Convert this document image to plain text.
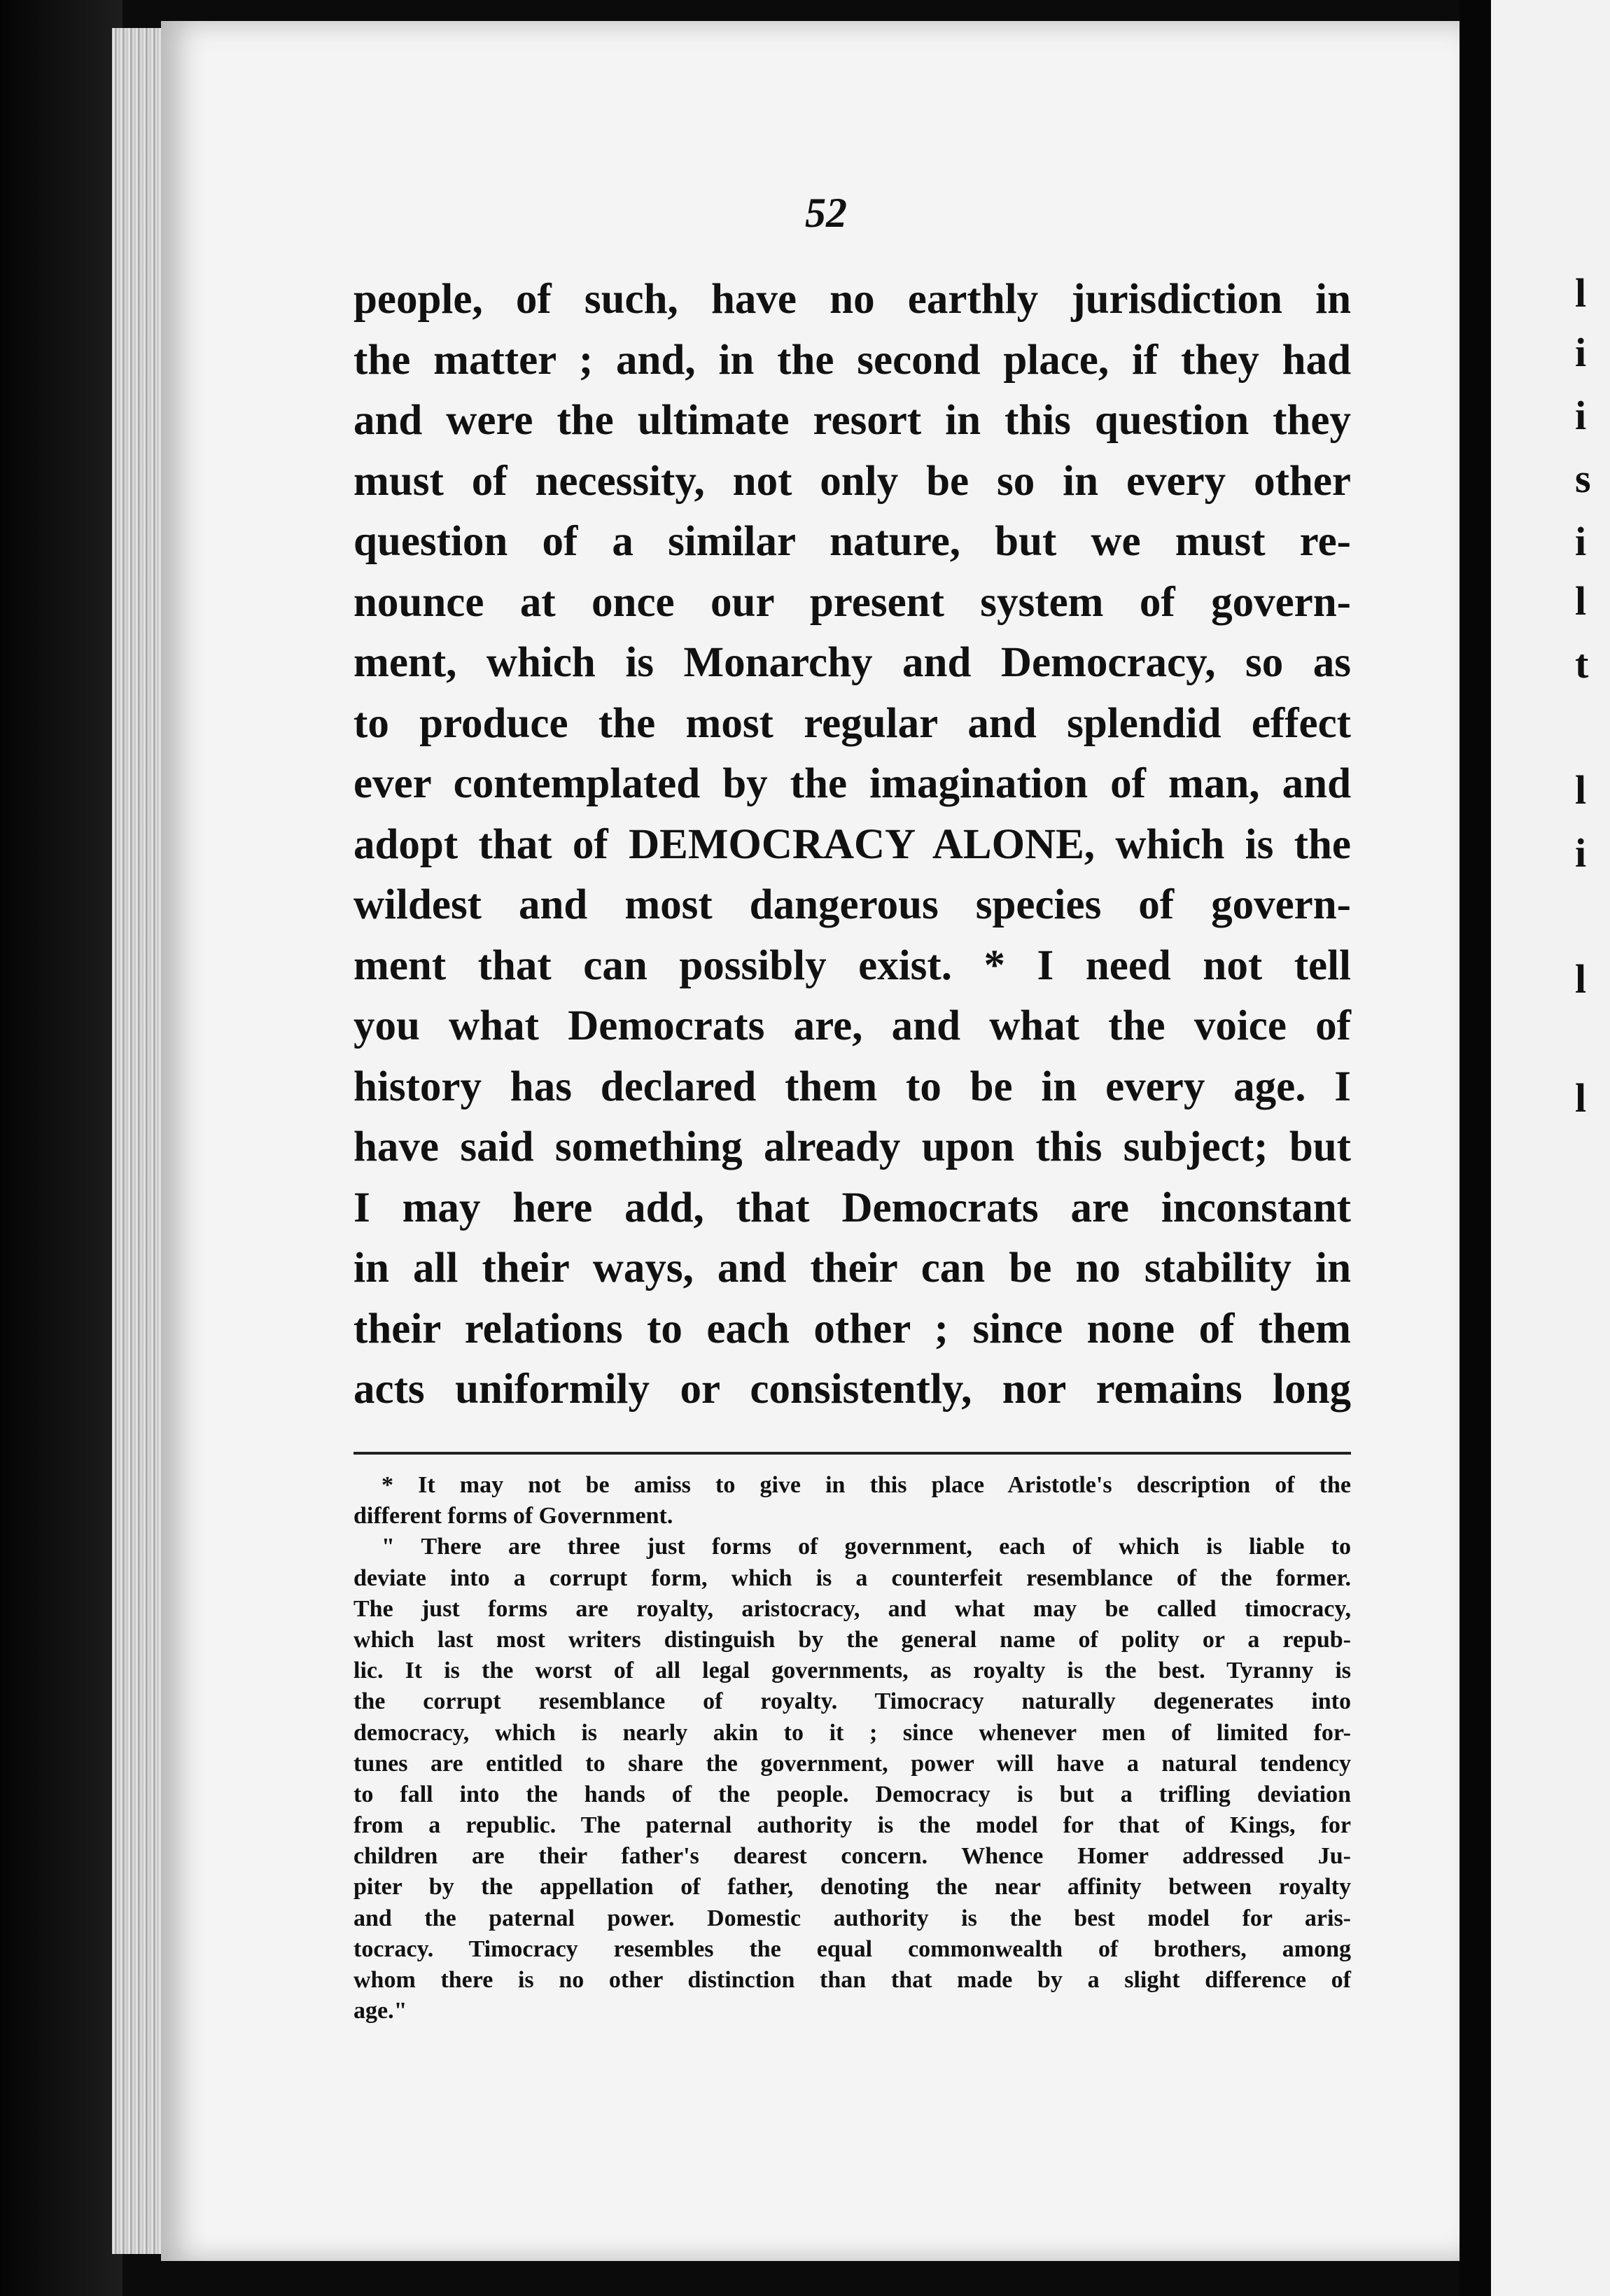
l
i
i
s
i
l
t
l
i
l
l
52
people, of such, have no earthly jurisdiction in
the matter ; and, in the second place, if they had
and were the ultimate resort in this question they
must of necessity, not only be so in every other
question of a similar nature, but we must re-
nounce at once our present system of govern-
ment, which is Monarchy and Democracy, so as
to produce the most regular and splendid effect
ever contemplated by the imagination of man, and
adopt that of DEMOCRACY ALONE, which is the
wildest and most dangerous species of govern-
ment that can possibly exist. * I need not tell
you what Democrats are, and what the voice of
history has declared them to be in every age. I
have said something already upon this subject; but
I may here add, that Democrats are inconstant
in all their ways, and their can be no stability in
their relations to each other ; since none of them
acts uniformily or consistently, nor remains long
* It may not be amiss to give in this place Aristotle's description of the
different forms of Government.
" There are three just forms of government, each of which is liable to
deviate into a corrupt form, which is a counterfeit resemblance of the former.
The just forms are royalty, aristocracy, and what may be called timocracy,
which last most writers distinguish by the general name of polity or a repub-
lic. It is the worst of all legal governments, as royalty is the best. Tyranny is
the corrupt resemblance of royalty. Timocracy naturally degenerates into
democracy, which is nearly akin to it ; since whenever men of limited for-
tunes are entitled to share the government, power will have a natural tendency
to fall into the hands of the people. Democracy is but a trifling deviation
from a republic. The paternal authority is the model for that of Kings, for
children are their father's dearest concern. Whence Homer addressed Ju-
piter by the appellation of father, denoting the near affinity between royalty
and the paternal power. Domestic authority is the best model for aris-
tocracy. Timocracy resembles the equal commonwealth of brothers, among
whom there is no other distinction than that made by a slight difference of
age."
